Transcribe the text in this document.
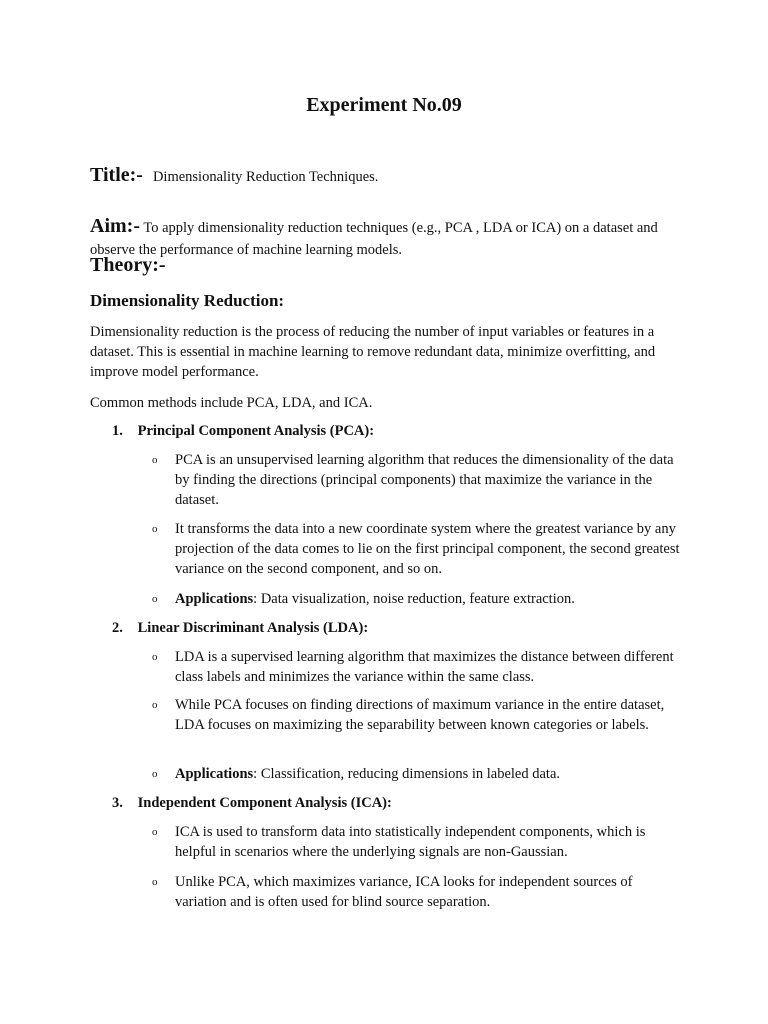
Experiment No.09

Title:- Dimensionality Reduction Techniques.

Aim:- To apply dimensionality reduction techniques (e.g., PCA , LDA or ICA) on a dataset and observe the performance of machine learning models.

Theory:-
Dimensionality Reduction:

Dimensionality reduction is the process of reducing the number of input variables or features in a dataset. This is essential in machine learning to remove redundant data, minimize overfitting, and improve model performance.

Common methods include PCA, LDA, and ICA.

1. Principal Component Analysis (PCA):

o	PCA is an unsupervised learning algorithm that reduces the dimensionality of the data by finding the directions (principal components) that maximize the variance in the dataset.
o	It transforms the data into a new coordinate system where the greatest variance by any projection of the data comes to lie on the first principal component, the second greatest variance on the second component, and so on.
o	Applications: Data visualization, noise reduction, feature extraction.

2. Linear Discriminant Analysis (LDA):

o	LDA is a supervised learning algorithm that maximizes the distance between different class labels and minimizes the variance within the same class.
o	While PCA focuses on finding directions of maximum variance in the entire dataset, LDA focuses on maximizing the separability between known categories or labels.
o	Applications: Classification, reducing dimensions in labeled data.

3. Independent Component Analysis (ICA):

o	ICA is used to transform data into statistically independent components, which is helpful in scenarios where the underlying signals are non-Gaussian.
o	Unlike PCA, which maximizes variance, ICA looks for independent sources of variation and is often used for blind source separation.
